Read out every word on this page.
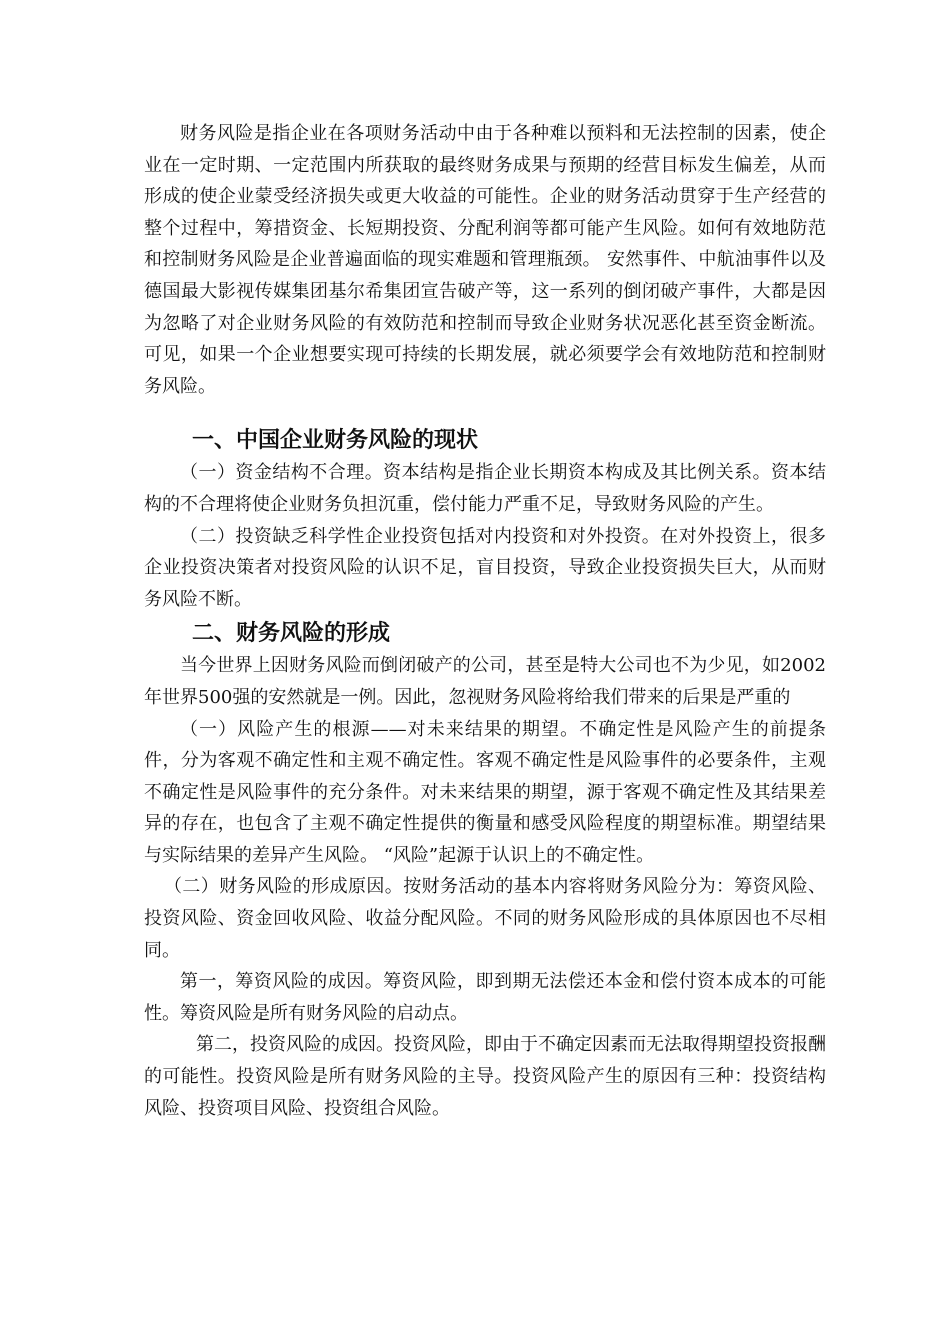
财务风险是指企业在各项财务活动中由于各种难以预料和无法控制的因素，使企业在一定时期、一定范围内所获取的最终财务成果与预期的经营目标发生偏差，从而形成的使企业蒙受经济损失或更大收益的可能性。企业的财务活动贯穿于生产经营的整个过程中，筹措资金、长短期投资、分配利润等都可能产生风险。如何有效地防范和控制财务风险是企业普遍面临的现实难题和管理瓶颈。 安然事件、中航油事件以及德国最大影视传媒集团基尔希集团宣告破产等，这一系列的倒闭破产事件，大都是因为忽略了对企业财务风险的有效防范和控制而导致企业财务状况恶化甚至资金断流。可见，如果一个企业想要实现可持续的长期发展，就必须要学会有效地防范和控制财务风险。

一、中国企业财务风险的现状

（一）资金结构不合理。资本结构是指企业长期资本构成及其比例关系。资本结构的不合理将使企业财务负担沉重，偿付能力严重不足，导致财务风险的产生。

（二）投资缺乏科学性企业投资包括对内投资和对外投资。在对外投资上，很多企业投资决策者对投资风险的认识不足，盲目投资，导致企业投资损失巨大，从而财务风险不断。

二、财务风险的形成

当今世界上因财务风险而倒闭破产的公司，甚至是特大公司也不为少见，如2002年世界500强的安然就是一例。因此，忽视财务风险将给我们带来的后果是严重的

（一）风险产生的根源——对未来结果的期望。不确定性是风险产生的前提条件，分为客观不确定性和主观不确定性。客观不确定性是风险事件的必要条件，主观不确定性是风险事件的充分条件。对未来结果的期望，源于客观不确定性及其结果差异的存在，也包含了主观不确定性提供的衡量和感受风险程度的期望标准。期望结果与实际结果的差异产生风险。 “风险”起源于认识上的不确定性。

（二）财务风险的形成原因。按财务活动的基本内容将财务风险分为：筹资风险、投资风险、资金回收风险、收益分配风险。不同的财务风险形成的具体原因也不尽相同。

第一，筹资风险的成因。筹资风险，即到期无法偿还本金和偿付资本成本的可能性。筹资风险是所有财务风险的启动点。

第二，投资风险的成因。投资风险，即由于不确定因素而无法取得期望投资报酬的可能性。投资风险是所有财务风险的主导。投资风险产生的原因有三种：投资结构风险、投资项目风险、投资组合风险。
